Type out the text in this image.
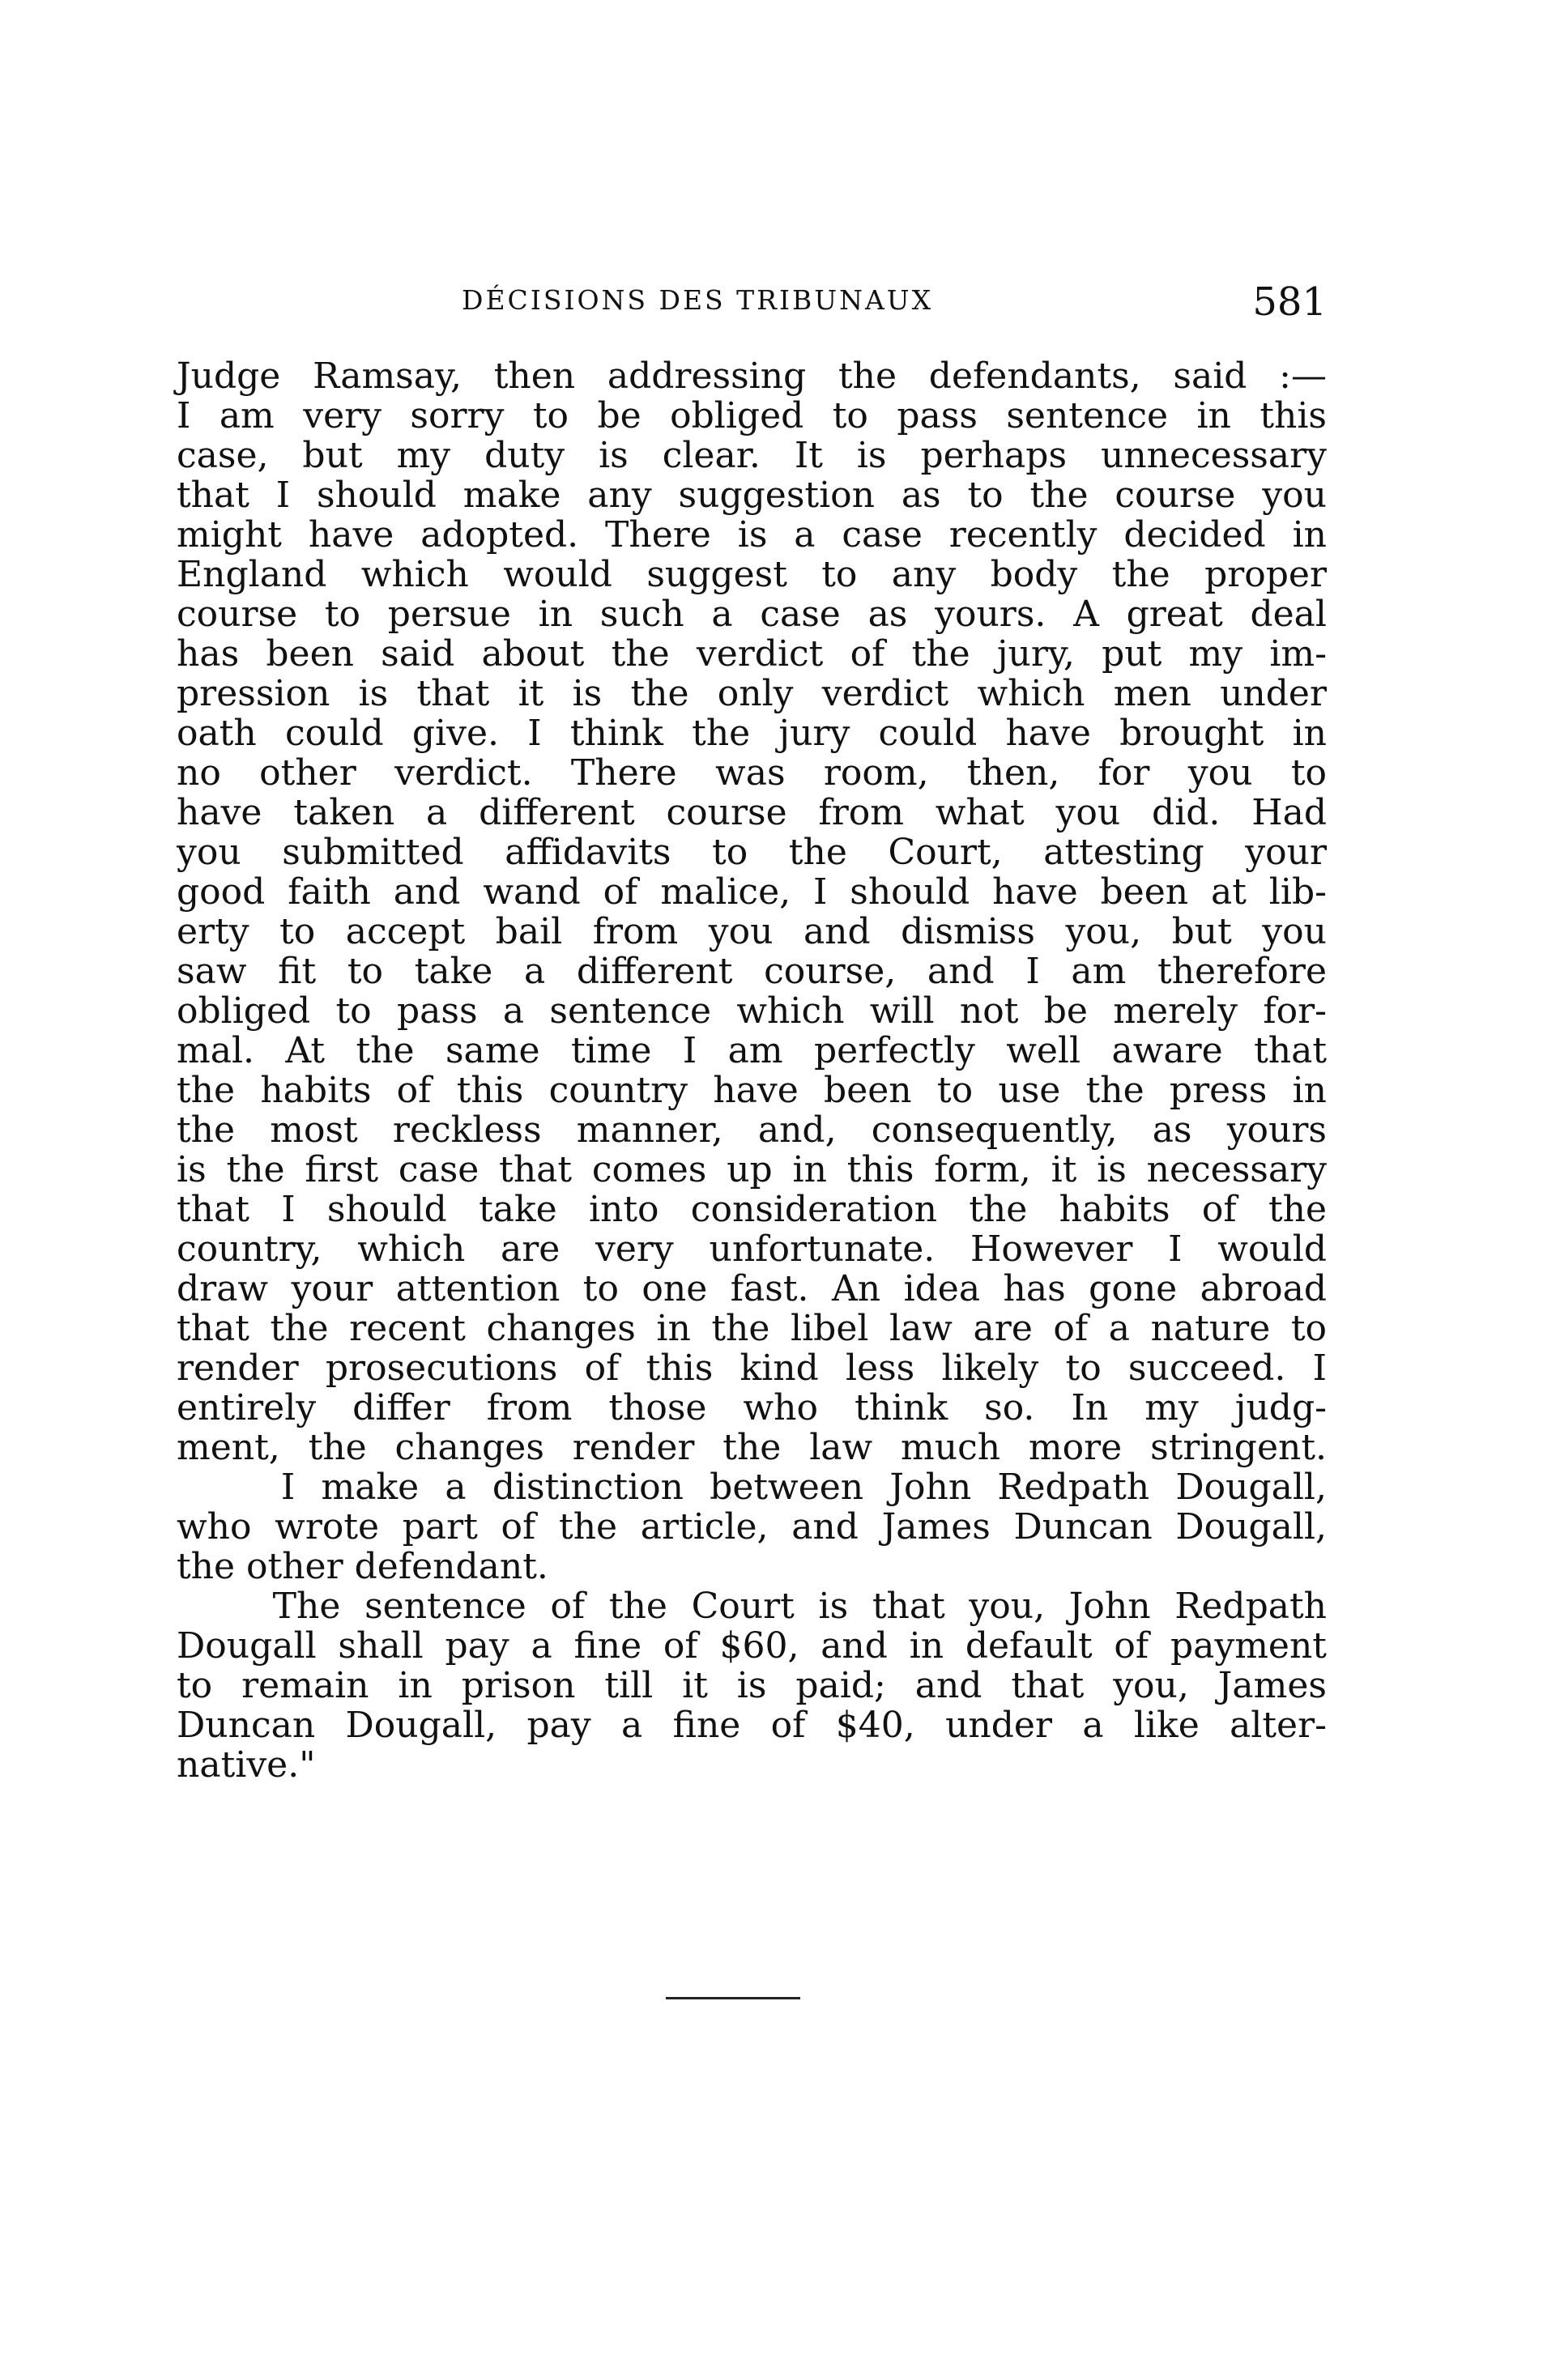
DÉCISIONS DES TRIBUNAUX	581
Judge Ramsay, then addressing the defendants, said :—
I am very sorry to be obliged to pass sentence in this
case, but my duty is clear. It is perhaps unnecessary
that I should make any suggestion as to the course you
might have adopted. There is a case recently decided in
England which would suggest to any body the proper
course to persue in such a case as yours. A great deal
has been said about the verdict of the jury, put my im-
pression is that it is the only verdict which men under
oath could give. I think the jury could have brought in
no other verdict. There was room, then, for you to
have taken a different course from what you did. Had
you submitted affidavits to the Court, attesting your
good faith and wand of malice, I should have been at lib-
erty to accept bail from you and dismiss you, but you
saw fit to take a different course, and I am therefore
obliged to pass a sentence which will not be merely for-
mal. At the same time I am perfectly well aware that
the habits of this country have been to use the press in
the most reckless manner, and, consequently, as yours
is the first case that comes up in this form, it is necessary
that I should take into consideration the habits of the
country, which are very unfortunate. However I would
draw your attention to one fast. An idea has gone abroad
that the recent changes in the libel law are of a nature to
render prosecutions of this kind less likely to succeed. I
entirely differ from those who think so. In my judg-
ment, the changes render the law much more stringent.
I make a distinction between John Redpath Dougall,
who wrote part of the article, and James Duncan Dougall,
the other defendant.
The sentence of the Court is that you, John Redpath
Dougall shall pay a fine of $60, and in default of payment
to remain in prison till it is paid; and that you, James
Duncan Dougall, pay a fine of $40, under a like alter-
native."
